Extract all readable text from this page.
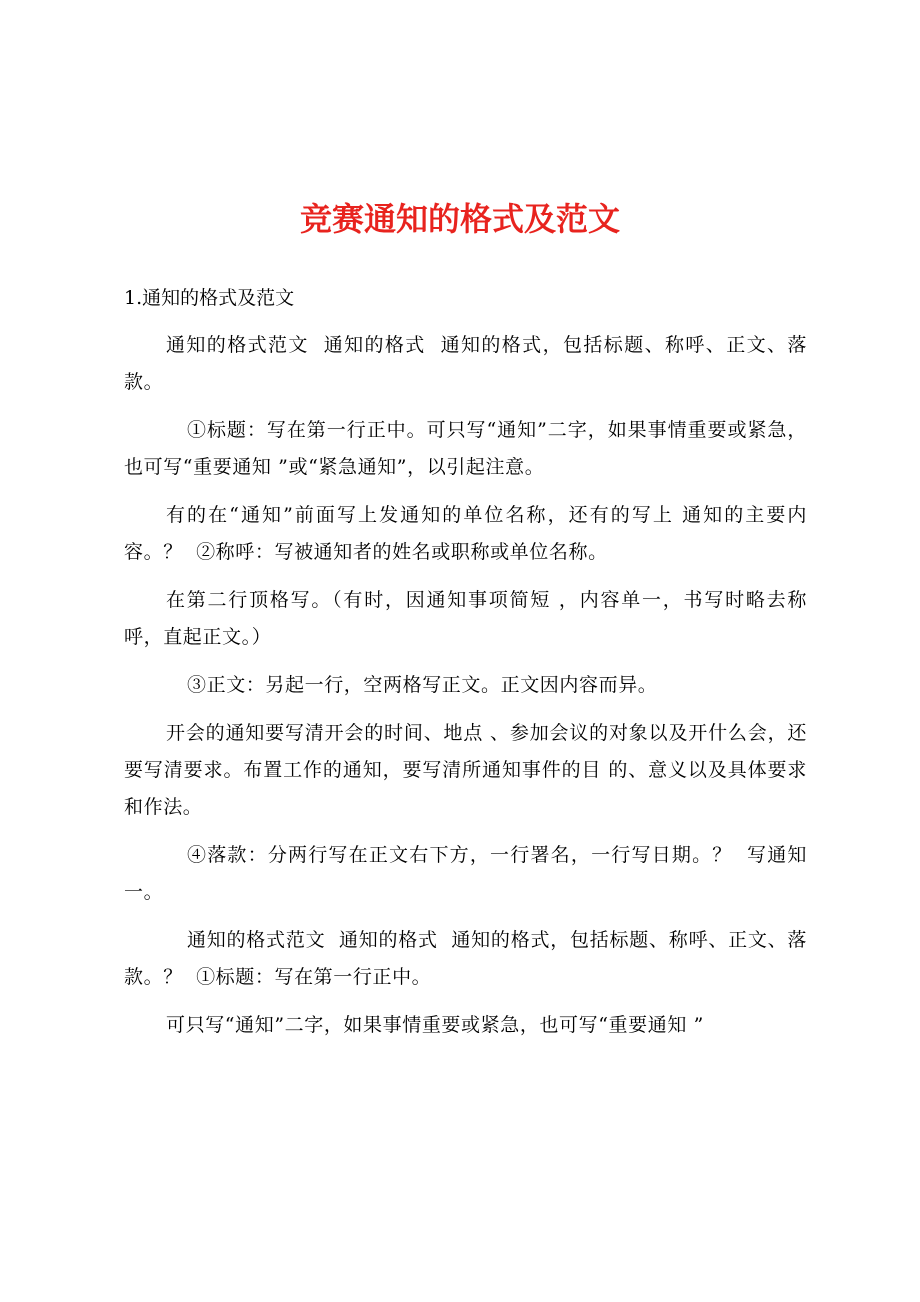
竞赛通知的格式及范文
1.通知的格式及范文

通知的格式范文  通知的格式  通知的格式，包括标题、称呼、正文、落款。

①标题：写在第一行正中。可只写“通知”二字，如果事情重要或紧急，也可写“重要通知 ”或“紧急通知”，以引起注意。

有的在“通知”前面写上发通知的单位名称，还有的写上 通知的主要内容。？  ②称呼：写被通知者的姓名或职称或单位名称。

在第二行顶格写。（有时，因通知事项简短 ，内容单一，书写时略去称呼，直起正文。）

③正文：另起一行，空两格写正文。正文因内容而异。

开会的通知要写清开会的时间、地点 、参加会议的对象以及开什么会，还要写清要求。布置工作的通知，要写清所通知事件的目 的、意义以及具体要求和作法。

④落款：分两行写在正文右下方，一行署名，一行写日期。？  写通知一。

通知的格式范文  通知的格式  通知的格式，包括标题、称呼、正文、落款。？  ①标题：写在第一行正中。

可只写“通知”二字，如果事情重要或紧急，也可写“重要通知 ”
